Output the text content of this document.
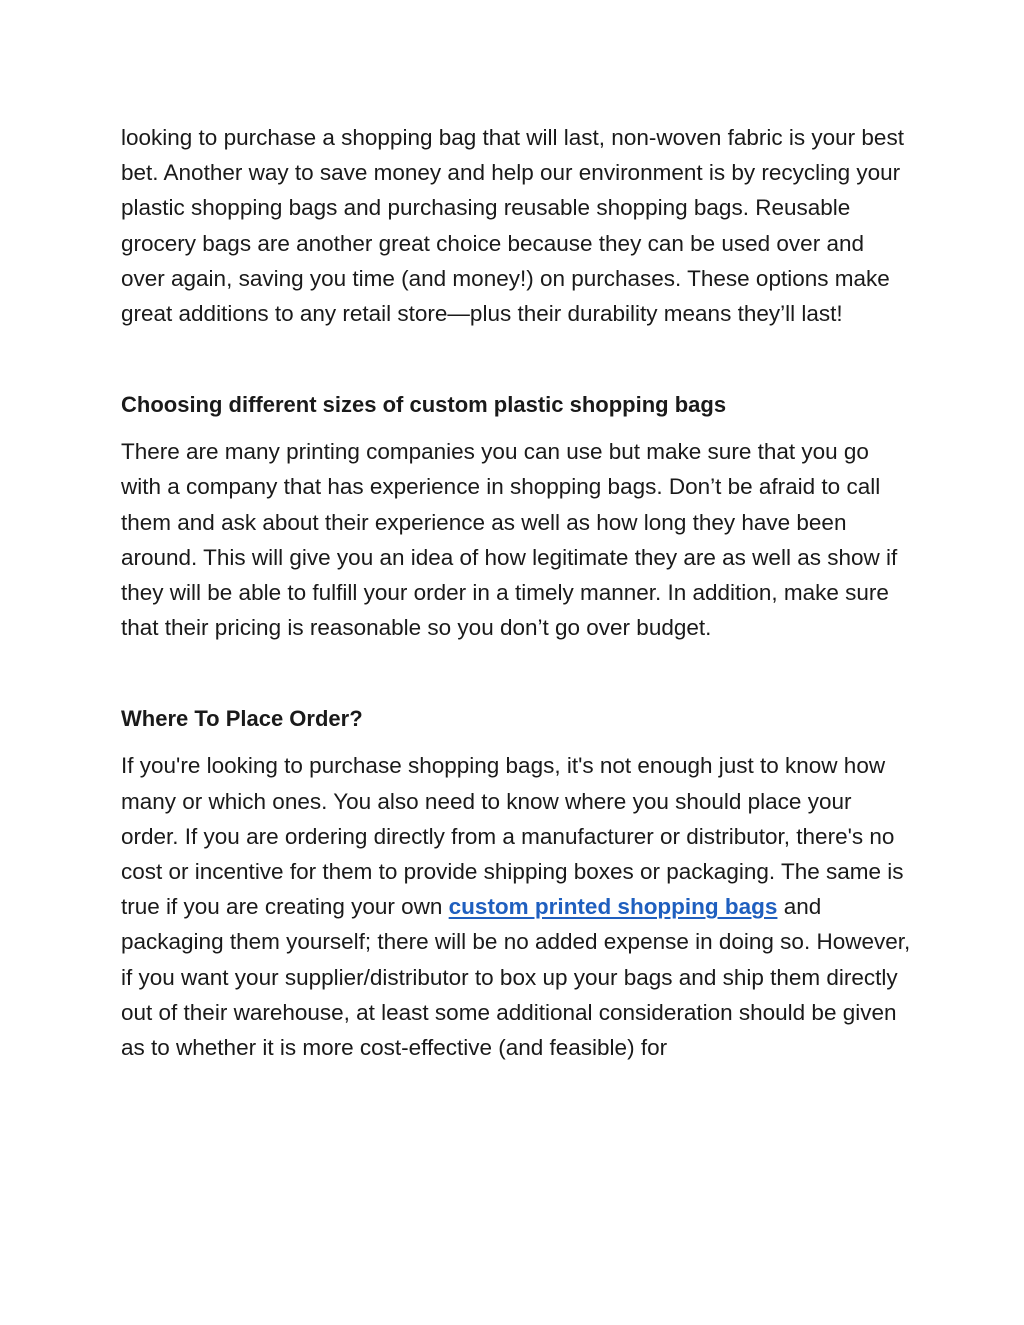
looking to purchase a shopping bag that will last, non-woven fabric is your best bet. Another way to save money and help our environment is by recycling your plastic shopping bags and purchasing reusable shopping bags. Reusable grocery bags are another great choice because they can be used over and over again, saving you time (and money!) on purchases. These options make great additions to any retail store—plus their durability means they’ll last!

Choosing different sizes of custom plastic shopping bags

There are many printing companies you can use but make sure that you go with a company that has experience in shopping bags. Don’t be afraid to call them and ask about their experience as well as how long they have been around. This will give you an idea of how legitimate they are as well as show if they will be able to fulfill your order in a timely manner. In addition, make sure that their pricing is reasonable so you don’t go over budget.

Where To Place Order?

If you're looking to purchase shopping bags, it's not enough just to know how many or which ones. You also need to know where you should place your order. If you are ordering directly from a manufacturer or distributor, there's no cost or incentive for them to provide shipping boxes or packaging. The same is true if you are creating your own custom printed shopping bags and packaging them yourself; there will be no added expense in doing so. However, if you want your supplier/distributor to box up your bags and ship them directly out of their warehouse, at least some additional consideration should be given as to whether it is more cost-effective (and feasible) for
